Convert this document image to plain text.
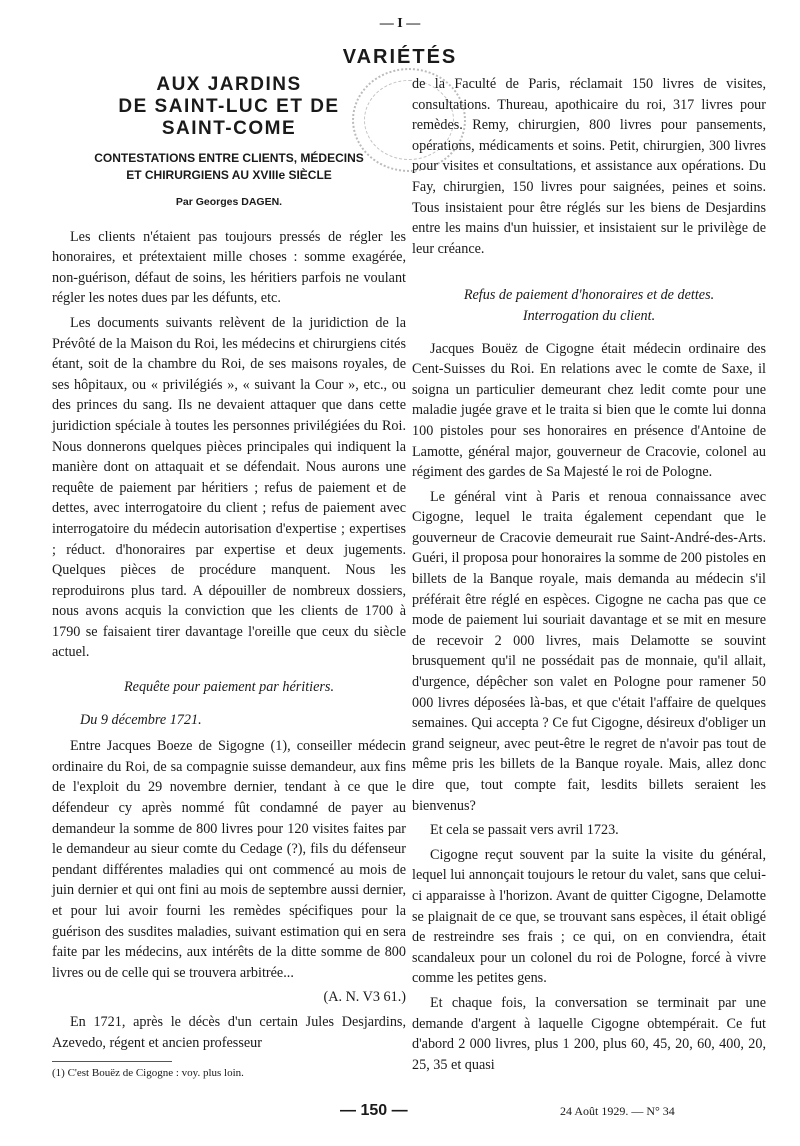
— I —
VARIÉTÉS
AUX JARDINS
DE SAINT-LUC ET DE
SAINT-COME
CONTESTATIONS ENTRE CLIENTS, MÉDECINS
ET CHIRURGIENS AU XVIIIe SIÈCLE
Par Georges DAGEN.

Les clients n'étaient pas toujours pressés de régler les honoraires, et prétextaient mille choses : somme exagérée, non-guérison, défaut de soins, les héritiers parfois ne voulant régler les notes dues par les défunts, etc.

Les documents suivants relèvent de la juridiction de la Prévôté de la Maison du Roi, les médecins et chirurgiens cités étant, soit de la chambre du Roi, de ses maisons royales, de ses hôpitaux, ou « privilégiés », « suivant la Cour », etc., ou des princes du sang. Ils ne devaient attaquer que dans cette juridiction spéciale à toutes les personnes privilégiées du Roi. Nous donnerons quelques pièces principales qui indiquent la manière dont on attaquait et se défendait. Nous aurons une requête de paiement par héritiers ; refus de paiement et de dettes, avec interrogatoire du client ; refus de paiement avec interrogatoire du médecin autorisation d'expertise ; expertises ; réduct. d'honoraires par expertise et deux jugements. Quelques pièces de procédure manquent. Nous les reproduirons plus tard. A dépouiller de nombreux dossiers, nous avons acquis la conviction que les clients de 1700 à 1790 se faisaient tirer davantage l'oreille que ceux du siècle actuel.

Requête pour paiement par héritiers.

Du 9 décembre 1721.

Entre Jacques Boeze de Sigogne (1), conseiller médecin ordinaire du Roi, de sa compagnie suisse demandeur, aux fins de l'exploit du 29 novembre dernier, tendant à ce que le défendeur cy après nommé fût condamné de payer au demandeur la somme de 800 livres pour 120 visites faites par le demandeur au sieur comte du Cedage (?), fils du défenseur pendant différentes maladies qui ont commencé au mois de juin dernier et qui ont fini au mois de septembre aussi dernier, et pour lui avoir fourni les remèdes spécifiques pour la guérison des susdites maladies, suivant estimation qui en sera faite par les médecins, aux intérêts de la ditte somme de 800 livres ou de celle qui se trouvera arbitrée...

(A. N. V3 61.)

En 1721, après le décès d'un certain Jules Desjardins, Azevedo, régent et ancien professeur

(1) C'est Bouëz de Cigogne : voy. plus loin.

de la Faculté de Paris, réclamait 150 livres de visites, consultations. Thureau, apothicaire du roi, 317 livres pour remèdes. Remy, chirurgien, 800 livres pour pansements, opérations, médicaments et soins. Petit, chirurgien, 300 livres pour visites et consultations, et assistance aux opérations. Du Fay, chirurgien, 150 livres pour saignées, peines et soins. Tous insistaient pour être réglés sur les biens de Desjardins entre les mains d'un huissier, et insistaient sur le privilège de leur créance.

Refus de paiement d'honoraires et de dettes.
Interrogation du client.

Jacques Bouëz de Cigogne était médecin ordinaire des Cent-Suisses du Roi. En relations avec le comte de Saxe, il soigna un particulier demeurant chez ledit comte pour une maladie jugée grave et le traita si bien que le comte lui donna 100 pistoles pour ses honoraires en présence d'Antoine de Lamotte, général major, gouverneur de Cracovie, colonel au régiment des gardes de Sa Majesté le roi de Pologne.

Le général vint à Paris et renoua connaissance avec Cigogne, lequel le traita également cependant que le gouverneur de Cracovie demeurait rue Saint-André-des-Arts. Guéri, il proposa pour honoraires la somme de 200 pistoles en billets de la Banque royale, mais demanda au médecin s'il préférait être réglé en espèces. Cigogne ne cacha pas que ce mode de paiement lui souriait davantage et se mit en mesure de recevoir 2 000 livres, mais Delamotte se souvint brusquement qu'il ne possédait pas de monnaie, qu'il allait, d'urgence, dépêcher son valet en Pologne pour ramener 50 000 livres déposées là-bas, et que c'était l'affaire de quelques semaines. Qui accepta ? Ce fut Cigogne, désireux d'obliger un grand seigneur, avec peut-être le regret de n'avoir pas tout de même pris les billets de la Banque royale. Mais, allez donc dire que, tout compte fait, lesdits billets seraient les bienvenus?

Et cela se passait vers avril 1723.

Cigogne reçut souvent par la suite la visite du général, lequel lui annonçait toujours le retour du valet, sans que celui-ci apparaisse à l'horizon. Avant de quitter Cigogne, Delamotte se plaignait de ce que, se trouvant sans espèces, il était obligé de restreindre ses frais ; ce qui, on en conviendra, était scandaleux pour un colonel du roi de Pologne, forcé à vivre comme les petites gens.

Et chaque fois, la conversation se terminait par une demande d'argent à laquelle Cigogne obtempérait. Ce fut d'abord 2 000 livres, plus 1 200, plus 60, 45, 20, 60, 400, 20, 25, 35 et quasi

— 150 —	24 Août 1929. — N° 34
